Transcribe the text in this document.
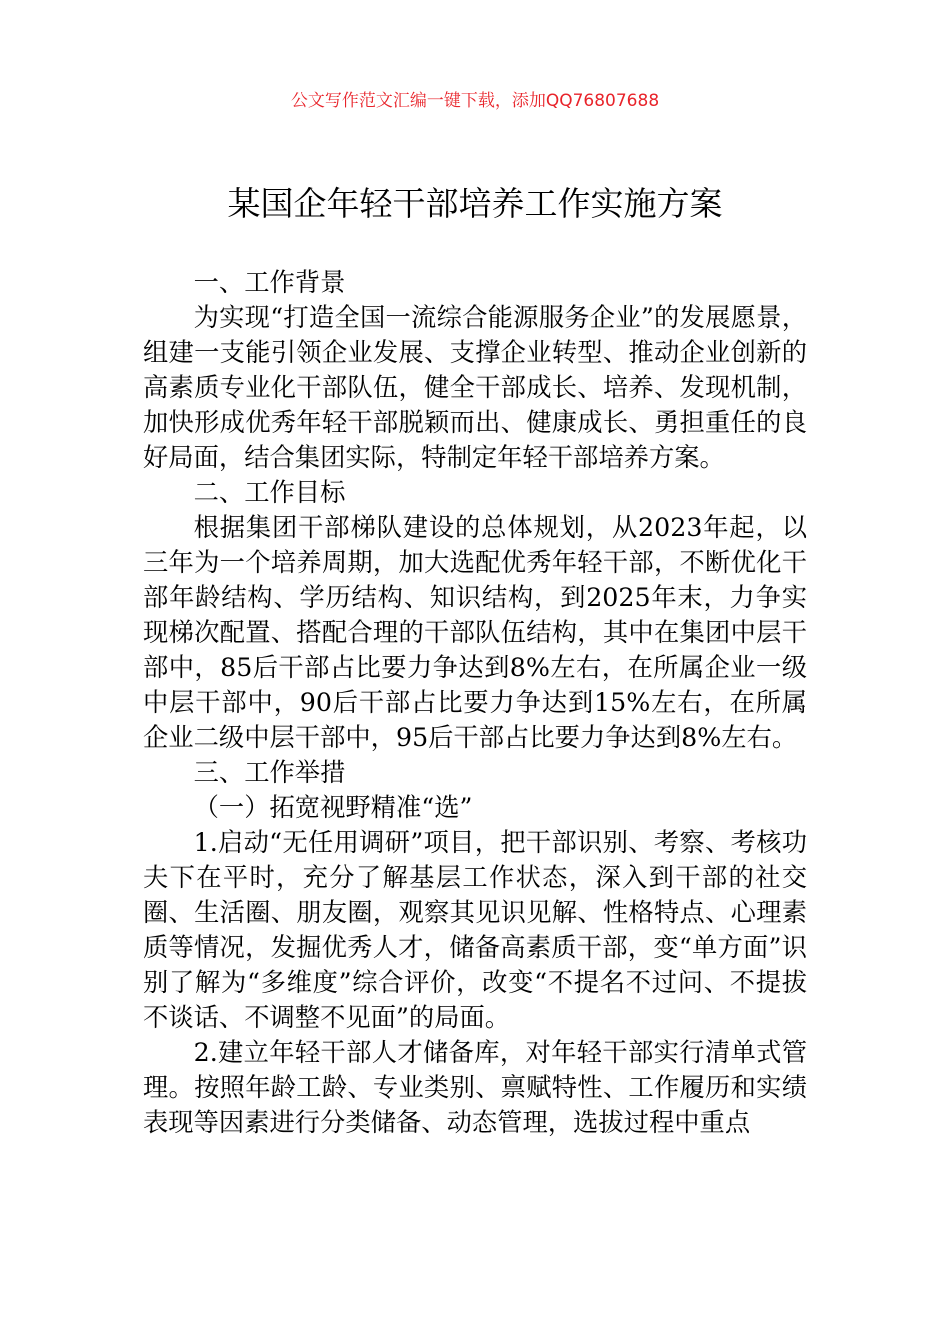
公文写作范文汇编一键下载，添加QQ76807688
某国企年轻干部培养工作实施方案

一、工作背景

为实现“打造全国一流综合能源服务企业”的发展愿景，组建一支能引领企业发展、支撑企业转型、推动企业创新的高素质专业化干部队伍，健全干部成长、培养、发现机制，加快形成优秀年轻干部脱颖而出、健康成长、勇担重任的良好局面，结合集团实际，特制定年轻干部培养方案。

二、工作目标

根据集团干部梯队建设的总体规划，从2023年起，以三年为一个培养周期，加大选配优秀年轻干部，不断优化干部年龄结构、学历结构、知识结构，到2025年末，力争实现梯次配置、搭配合理的干部队伍结构，其中在集团中层干部中，85后干部占比要力争达到8%左右，在所属企业一级中层干部中，90后干部占比要力争达到15%左右，在所属企业二级中层干部中，95后干部占比要力争达到8%左右。

三、工作举措

（一）拓宽视野精准“选”

1.启动“无任用调研”项目，把干部识别、考察、考核功夫下在平时，充分了解基层工作状态，深入到干部的社交圈、生活圈、朋友圈，观察其见识见解、性格特点、心理素质等情况，发掘优秀人才，储备高素质干部，变“单方面”识别了解为“多维度”综合评价，改变“不提名不过问、不提拔不谈话、不调整不见面”的局面。

2.建立年轻干部人才储备库，对年轻干部实行清单式管理。按照年龄工龄、专业类别、禀赋特性、工作履历和实绩表现等因素进行分类储备、动态管理，选拔过程中重点
